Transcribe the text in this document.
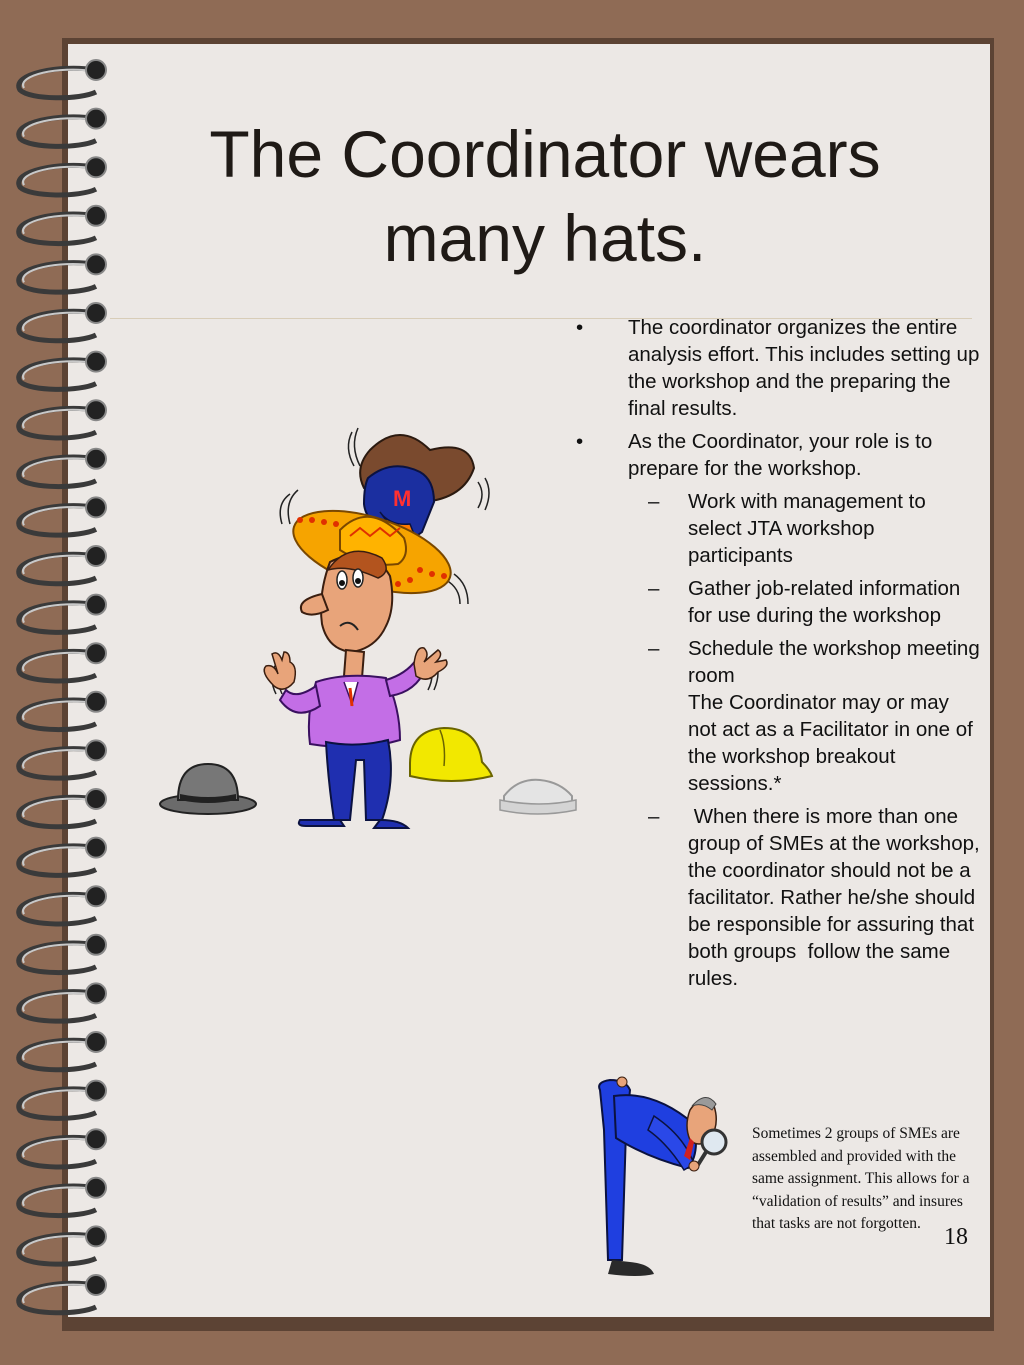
The Coordinator wears
many hats.
M
• The coordinator organizes the entire analysis effort. This includes setting up the workshop and the preparing the final results.
• As the Coordinator, your role is to prepare for the workshop.
– Work with management to select JTA workshop participants
– Gather job-related information for use during the workshop
– Schedule the workshop meeting room
The Coordinator may or may not act as a Facilitator in one of the workshop breakout sessions.*
– When there is more than one group of SMEs at the workshop, the coordinator should not be a facilitator. Rather he/she should be responsible for assuring that both groups  follow the same rules.
Sometimes 2 groups of SMEs are assembled and provided with the same assignment. This allows for a “validation of results” and insures that tasks are not forgotten.
18
